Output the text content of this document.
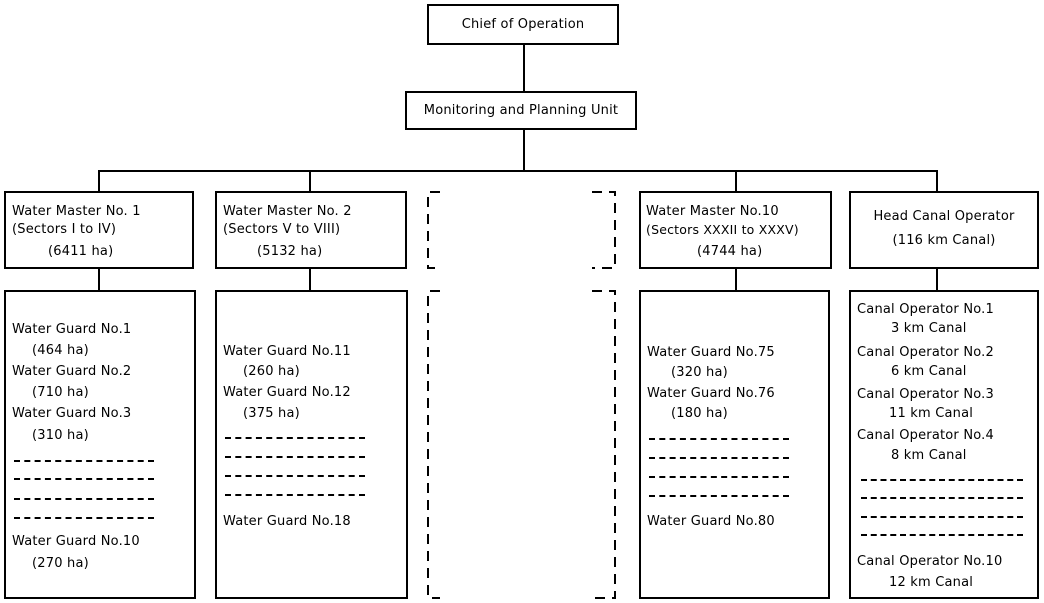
Chief of Operation
Monitoring and Planning Unit
Water Master No. 1
(Sectors I to IV)
(6411 ha)
Water Master No. 2
(Sectors V to VIII)
(5132 ha)
Water Master No.10
(Sectors XXXII to XXXV)
(4744 ha)
Head Canal Operator
(116 km Canal)
Water Guard No.1
(464 ha)
Water Guard No.2
(710 ha)
Water Guard No.3
(310 ha)
Water Guard No.10
(270 ha)
Water Guard No.11
(260 ha)
Water Guard No.12
(375 ha)
Water Guard No.18
Water Guard No.75
(320 ha)
Water Guard No.76
(180 ha)
Water Guard No.80
Canal Operator No.1
3 km Canal
Canal Operator No.2
6 km Canal
Canal Operator No.3
11 km Canal
Canal Operator No.4
8 km Canal
Canal Operator No.10
12 km Canal
